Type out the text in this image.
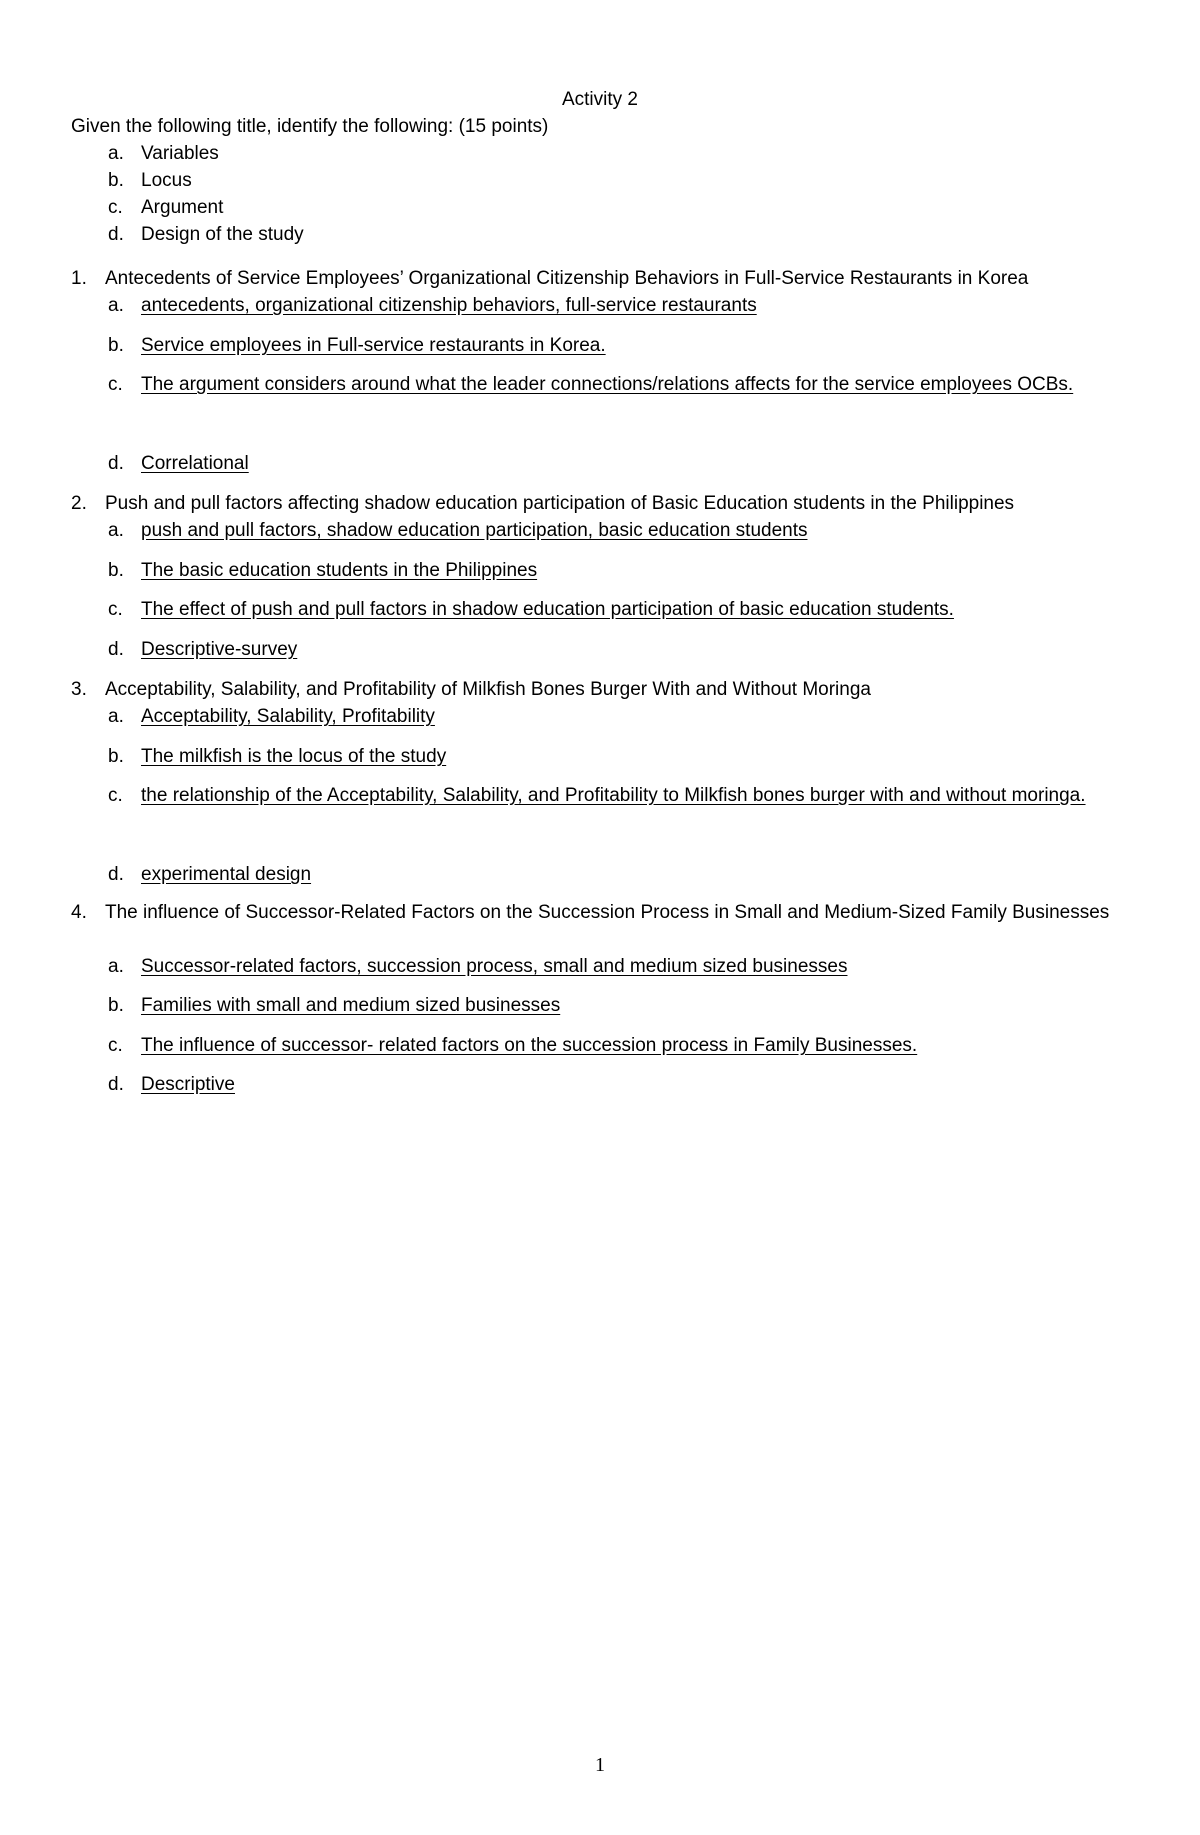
Activity 2
Given the following title, identify the following: (15 points)
a. Variables
b. Locus
c. Argument
d. Design of the study
1. Antecedents of Service Employees’ Organizational Citizenship Behaviors in Full-Service Restaurants in Korea
a. antecedents, organizational citizenship behaviors, full-service restaurants
b. Service employees in Full-service restaurants in Korea.
c. The argument considers around what the leader connections/relations affects for the service employees OCBs.
d. Correlational
2. Push and pull factors affecting shadow education participation of Basic Education students in the Philippines
a. push and pull factors, shadow education participation, basic education students
b. The basic education students in the Philippines
c. The effect of push and pull factors in shadow education participation of basic education students.
d. Descriptive-survey
3. Acceptability, Salability, and Profitability of Milkfish Bones Burger With and Without Moringa
a. Acceptability, Salability, Profitability
b. The milkfish is the locus of the study
c. the relationship of the Acceptability, Salability, and Profitability to Milkfish bones burger with and without moringa.
d. experimental design
4. The influence of Successor-Related Factors on the Succession Process in Small and Medium-Sized Family Businesses
a. Successor-related factors, succession process, small and medium sized businesses
b. Families with small and medium sized businesses
c. The influence of successor- related factors on the succession process in Family Businesses.
d. Descriptive
1
